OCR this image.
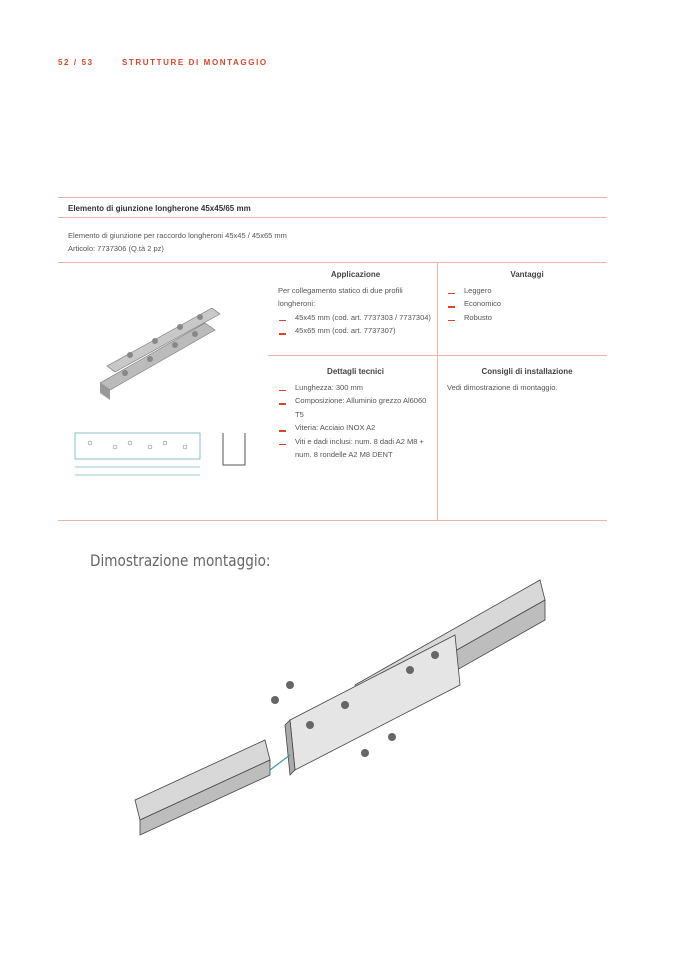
52 / 53	STRUTTURE DI MONTAGGIO
Elemento di giunzione longherone 45x45/65 mm
Elemento di giunzione per raccordo longheroni 45x45 / 45x65 mm
Articolo: 7737306 (Q.tà 2 pz)
Applicazione
Per collegamento statico di due profili longheroni:
45x45 mm (cod. art. 7737303 / 7737304)
45x65 mm (cod. art. 7737307)
Vantaggi
Leggero
Economico
Robusto
Dettagli tecnici
Lunghezza: 300 mm
Composizione: Alluminio grezzo Al6060 T5
Viteria: Acciaio INOX A2
Viti e dadi inclusi: num. 8 dadi A2 M8 + num. 8 rondelle A2 M8 DENT
Consigli di installazione
Vedi dimostrazione di montaggio.
Dimostrazione montaggio:
